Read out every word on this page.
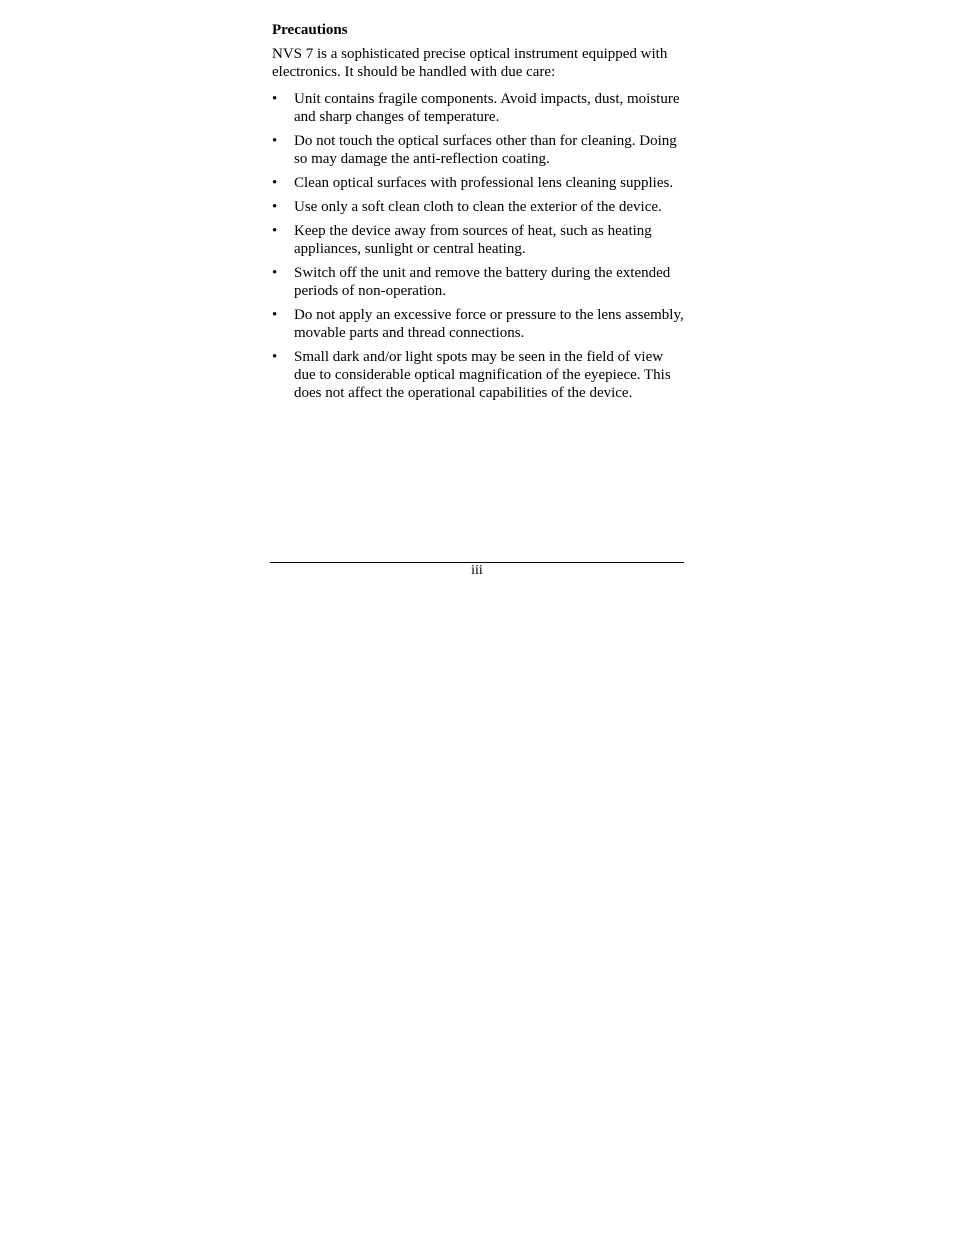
Precautions
NVS 7 is a sophisticated precise optical instrument equipped with electronics. It should be handled with due care:
•	Unit contains fragile components. Avoid impacts, dust, moisture and sharp changes of temperature.
•	Do not touch the optical surfaces other than for cleaning. Doing so may damage the anti-reflection coating.
•	Clean optical surfaces with professional lens cleaning supplies.
•	Use only a soft clean cloth to clean the exterior of the device.
•	Keep the device away from sources of heat, such as heating appliances, sunlight or central heating.
•	Switch off the unit and remove the battery during the extended periods of non-operation.
•	Do not apply an excessive force or pressure to the lens assembly, movable parts and thread connections.
•	Small dark and/or light spots may be seen in the field of view due to considerable optical magnification of the eyepiece. This does not affect the operational capabilities of the device.
iii
